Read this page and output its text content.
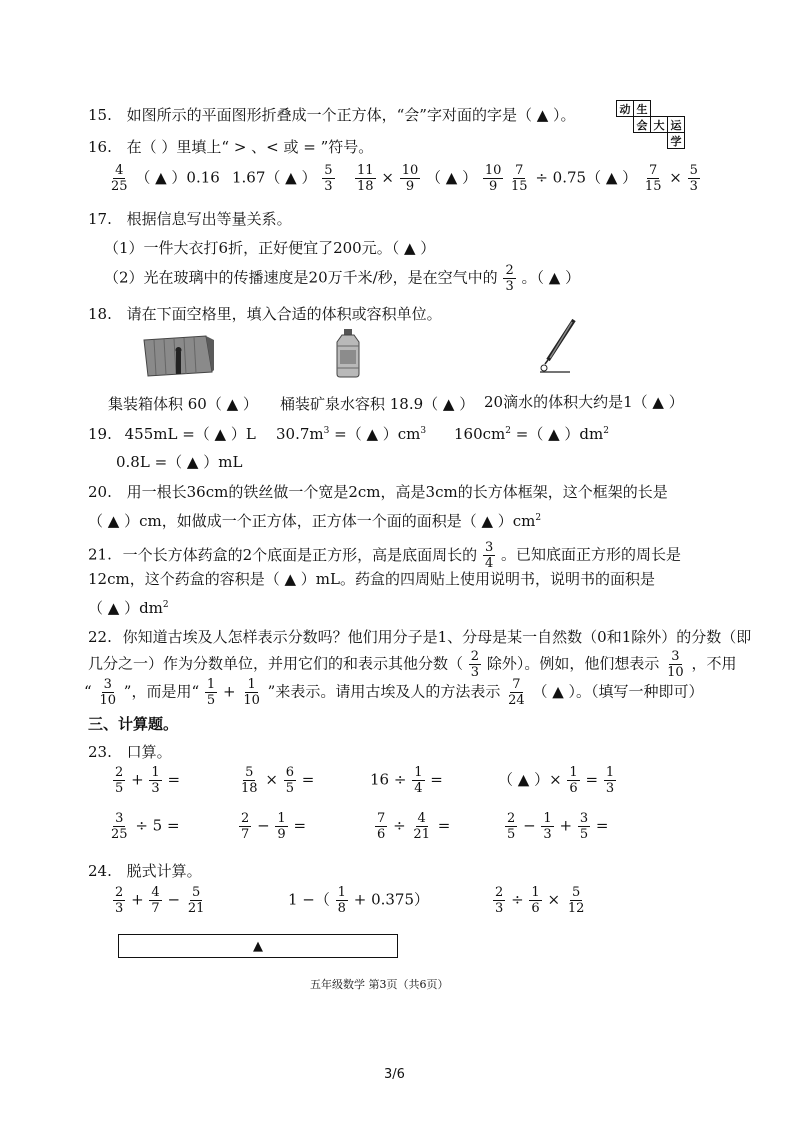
15. 如图所示的平面图形折叠成一个正方体，“会”字对面的字是（ ▲ ）。	动 生
会 大 运
学
16. 在（ ）里填上“ > 、< 或 = ”符号。
$\frac{4}{25}$ （ ▲ ）0.16 1.67（ ▲ ） $\frac{5}{3} \frac{11}{18} \times \frac{10}{9}$ （ ▲ ） $\frac{10}{9} \frac{7}{15} \div 0.75$（ ▲ ） $\frac{7}{15} \times \frac{5}{3}$
17. 根据信息写出等量关系。
（1）一件大衣打6折，正好便宜了200元。（ ▲ ）
（2）光在玻璃中的传播速度是20万千米/秒，是在空气中的 $\frac{2}{3}$ 。（ ▲ ）
18. 请在下面空格里，填入合适的体积或容积单位。
集装箱体积 60（ ▲ ） 桶装矿泉水容积 18.9（ ▲ ） 20滴水的体积大约是1（ ▲ ）
19. 455mL =（ ▲ ）L $30.7m^3$ =（ ▲ ）$cm^3$ $160cm^2$ =（ ▲ ）$dm^2$
0.8L =（ ▲ ）mL
20. 用一根长36cm的铁丝做一个宽是2cm，高是3cm的长方体框架，这个框架的长是
（ ▲ ）cm，如做成一个正方体，正方体一个面的面积是（ ▲ ）$cm^2$
21. 一个长方体药盒的2个底面是正方形，高是底面周长的 $\frac{3}{4}$ 。已知底面正方形的周长是
12cm，这个药盒的容积是（ ▲ ）mL。药盒的四周贴上使用说明书，说明书的面积是
（ ▲ ）$dm^2$
22. 你知道古埃及人怎样表示分数吗？他们用分子是1、分母是某一自然数（0和1除外）的分数（即
几分之一）作为分数单位，并用它们的和表示其他分数（ $\frac{2}{3}$ 除外）。例如，他们想表示 $\frac{3}{10}$ ，不用
“ $\frac{3}{10}$ ”，而是用“ $\frac{1}{5} + \frac{1}{10}$ ”来表示。请用古埃及人的方法表示 $\frac{7}{24}$ （ ▲ ）。（填写一种即可）
三、计算题。
23. 口算。
$\frac{2}{5} + \frac{1}{3}$ =	$\frac{5}{18} \times \frac{6}{5}$ =	$16 \div \frac{1}{4}$ =	（ ▲ ）× $\frac{1}{6} = \frac{1}{3}$
$\frac{3}{25} \div 5$ =	$\frac{2}{7} - \frac{1}{9}$ =	$\frac{7}{6} \div \frac{4}{21}$ =	$\frac{2}{5} - \frac{1}{3} + \frac{3}{5}$ =
24. 脱式计算。
$\frac{2}{3} + \frac{4}{7} - \frac{5}{21}$	1 −（ $\frac{1}{8} + 0.375$）	$\frac{2}{3} \div \frac{1}{6} \times \frac{5}{12}$
▲
五年级数学 第3页（共6页）
3/6
